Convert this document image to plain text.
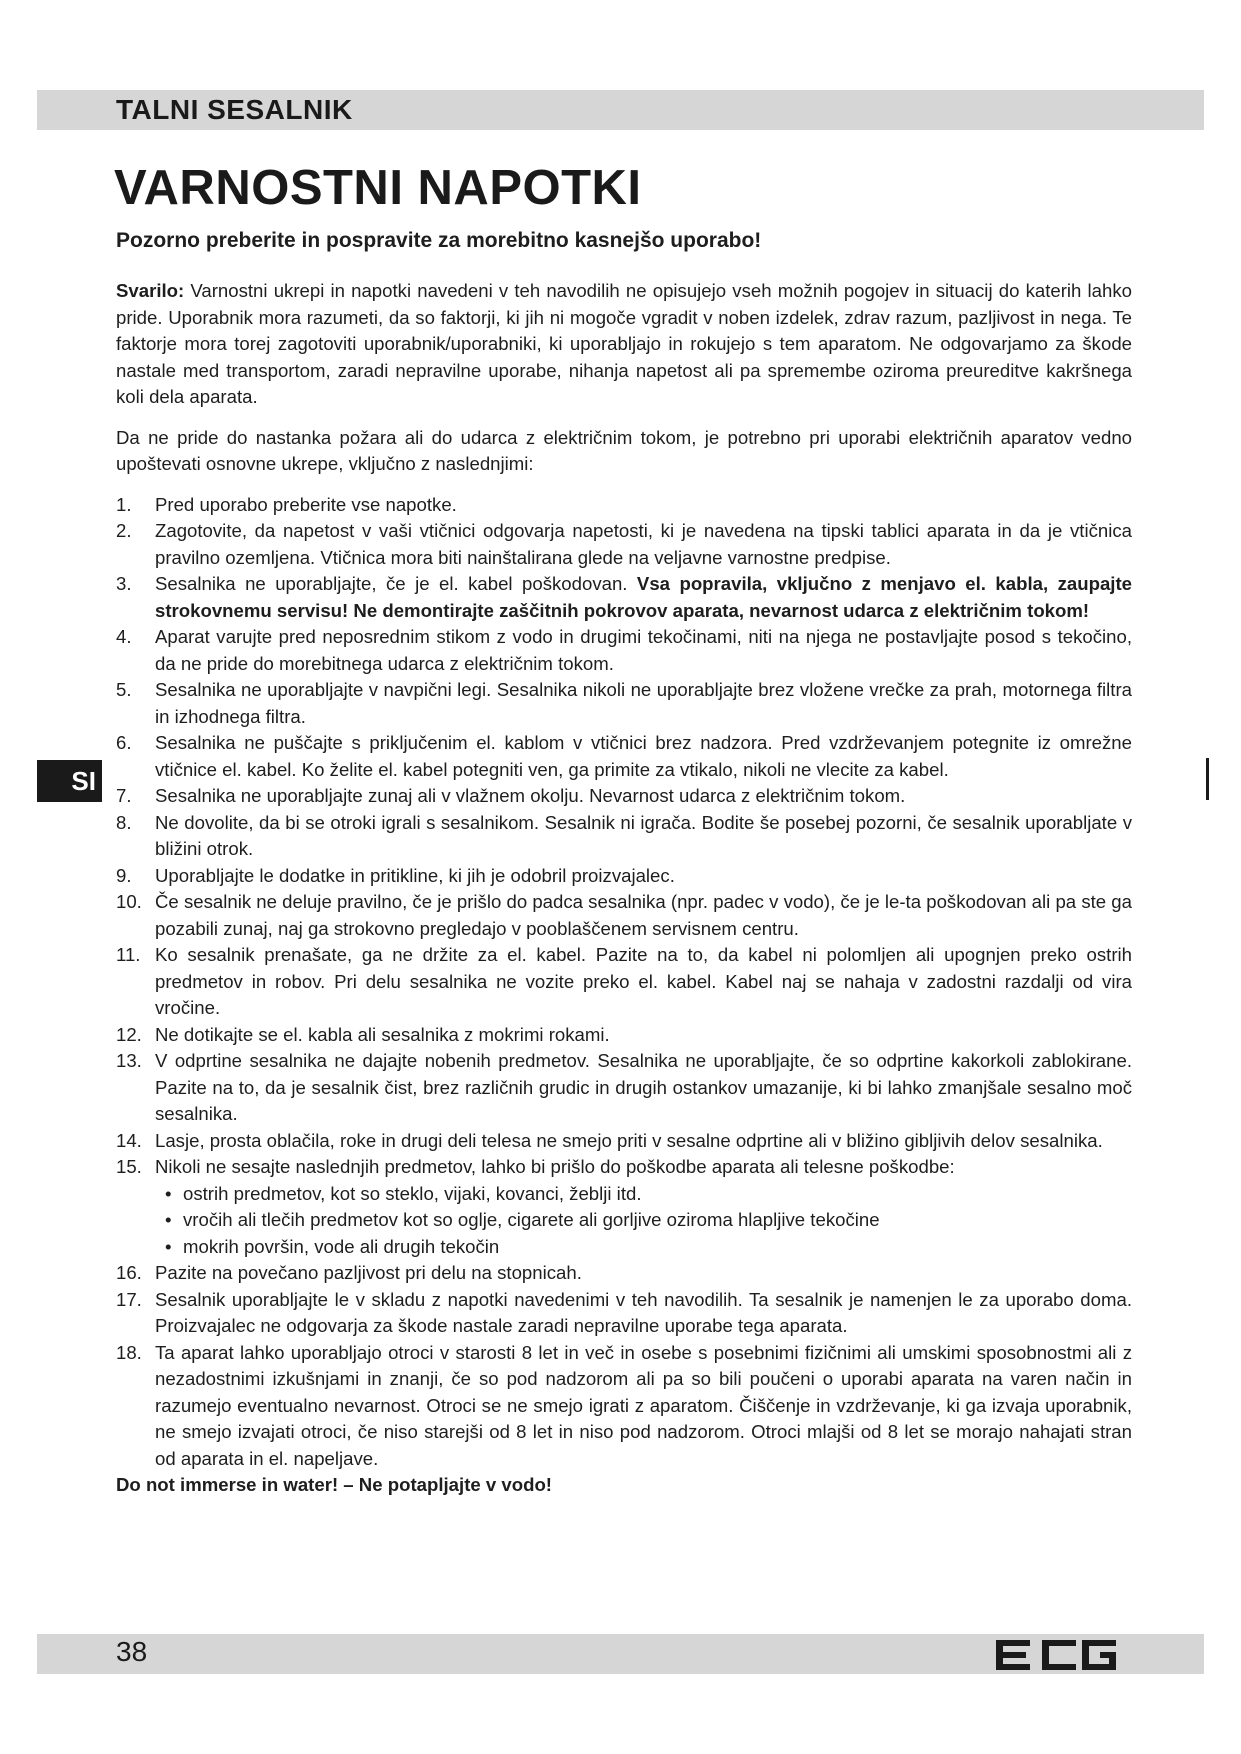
TALNI SESALNIK
VARNOSTNI NAPOTKI
Pozorno preberite in pospravite za morebitno kasnejšo uporabo!

Svarilo: Varnostni ukrepi in napotki navedeni v teh navodilih ne opisujejo vseh možnih pogojev in situacij do katerih lahko pride. Uporabnik mora razumeti, da so faktorji, ki jih ni mogoče vgradit v noben izdelek, zdrav razum, pazljivost in nega. Te faktorje mora torej zagotoviti uporabnik/uporabniki, ki uporabljajo in rokujejo s tem aparatom. Ne odgovarjamo za škode nastale med transportom, zaradi nepravilne uporabe, nihanja napetost ali pa spremembe oziroma preureditve kakršnega koli dela aparata.

Da ne pride do nastanka požara ali do udarca z električnim tokom, je potrebno pri uporabi električnih aparatov vedno upoštevati osnovne ukrepe, vključno z naslednjimi:

1. Pred uporabo preberite vse napotke.
2. Zagotovite, da napetost v vaši vtičnici odgovarja napetosti, ki je navedena na tipski tablici aparata in da je vtičnica pravilno ozemljena. Vtičnica mora biti nainštalirana glede na veljavne varnostne predpise.
3. Sesalnika ne uporabljajte, če je el. kabel poškodovan. Vsa popravila, vključno z menjavo el. kabla, zaupajte strokovnemu servisu! Ne demontirajte zaščitnih pokrovov aparata, nevarnost udarca z električnim tokom!
4. Aparat varujte pred neposrednim stikom z vodo in drugimi tekočinami, niti na njega ne postavljajte posod s tekočino, da ne pride do morebitnega udarca z električnim tokom.
5. Sesalnika ne uporabljajte v navpični legi. Sesalnika nikoli ne uporabljajte brez vložene vrečke za prah, motornega filtra in izhodnega filtra.
6. Sesalnika ne puščajte s priključenim el. kablom v vtičnici brez nadzora. Pred vzdrževanjem potegnite iz omrežne vtičnice el. kabel. Ko želite el. kabel potegniti ven, ga primite za vtikalo, nikoli ne vlecite za kabel.
7. Sesalnika ne uporabljajte zunaj ali v vlažnem okolju. Nevarnost udarca z električnim tokom.
8. Ne dovolite, da bi se otroki igrali s sesalnikom. Sesalnik ni igrača. Bodite še posebej pozorni, če sesalnik uporabljate v bližini otrok.
9. Uporabljajte le dodatke in pritikline, ki jih je odobril proizvajalec.
10. Če sesalnik ne deluje pravilno, če je prišlo do padca sesalnika (npr. padec v vodo), če je le-ta poškodovan ali pa ste ga pozabili zunaj, naj ga strokovno pregledajo v pooblaščenem servisnem centru.
11. Ko sesalnik prenašate, ga ne držite za el. kabel. Pazite na to, da kabel ni polomljen ali upognjen preko ostrih predmetov in robov. Pri delu sesalnika ne vozite preko el. kabel. Kabel naj se nahaja v zadostni razdalji od vira vročine.
12. Ne dotikajte se el. kabla ali sesalnika z mokrimi rokami.
13. V odprtine sesalnika ne dajajte nobenih predmetov. Sesalnika ne uporabljajte, če so odprtine kakorkoli zablokirane. Pazite na to, da je sesalnik čist, brez različnih grudic in drugih ostankov umazanije, ki bi lahko zmanjšale sesalno moč sesalnika.
14. Lasje, prosta oblačila, roke in drugi deli telesa ne smejo priti v sesalne odprtine ali v bližino gibljivih delov sesalnika.
15. Nikoli ne sesajte naslednjih predmetov, lahko bi prišlo do poškodbe aparata ali telesne poškodbe:
• ostrih predmetov, kot so steklo, vijaki, kovanci, žeblji itd.
• vročih ali tlečih predmetov kot so oglje, cigarete ali gorljive oziroma hlapljive tekočine
• mokrih površin, vode ali drugih tekočin
16. Pazite na povečano pazljivost pri delu na stopnicah.
17. Sesalnik uporabljajte le v skladu z napotki navedenimi v teh navodilih. Ta sesalnik je namenjen le za uporabo doma. Proizvajalec ne odgovarja za škode nastale zaradi nepravilne uporabe tega aparata.
18. Ta aparat lahko uporabljajo otroci v starosti 8 let in več in osebe s posebnimi fizičnimi ali umskimi sposobnostmi ali z nezadostnimi izkušnjami in znanji, če so pod nadzorom ali pa so bili poučeni o uporabi aparata na varen način in razumejo eventualno nevarnost. Otroci se ne smejo igrati z aparatom. Čiščenje in vzdrževanje, ki ga izvaja uporabnik, ne smejo izvajati otroci, če niso starejši od 8 let in niso pod nadzorom. Otroci mlajši od 8 let se morajo nahajati stran od aparata in el. napeljave.

Do not immerse in water! – Ne potapljajte v vodo!

SI
38
